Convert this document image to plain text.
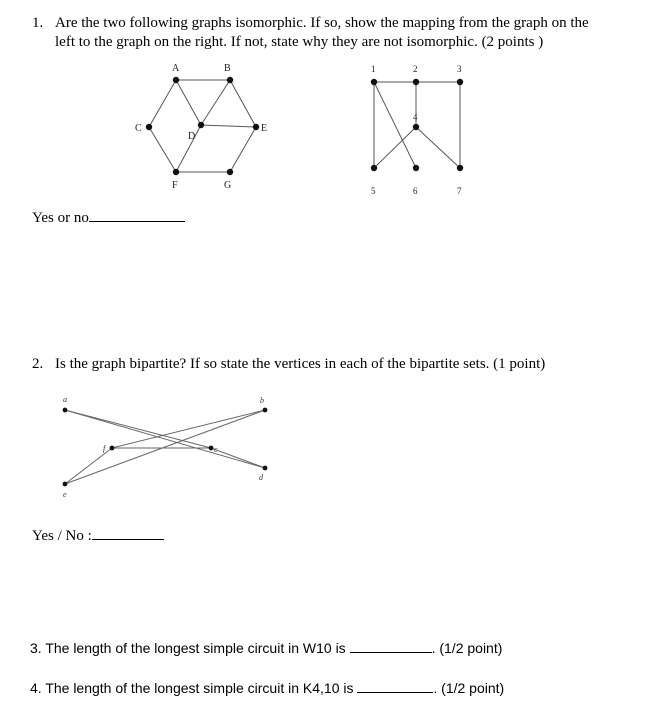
1. Are the two following graphs isomorphic. If so, show the mapping from the graph on the
left to the graph on the right. If not, state why they are not isomorphic. (2 points )
A	B
C
D
E
F	G
1	2	3
4
5	6	7
Yes or no
2. Is the graph bipartite? If so state the vertices in each of the bipartite sets. (1 point)
a	b
c
d
e
f
Yes / No :
3. The length of the longest simple circuit in W10 is	. (1/2 point)
4. The length of the longest simple circuit in K4,10 is	. (1/2 point)
